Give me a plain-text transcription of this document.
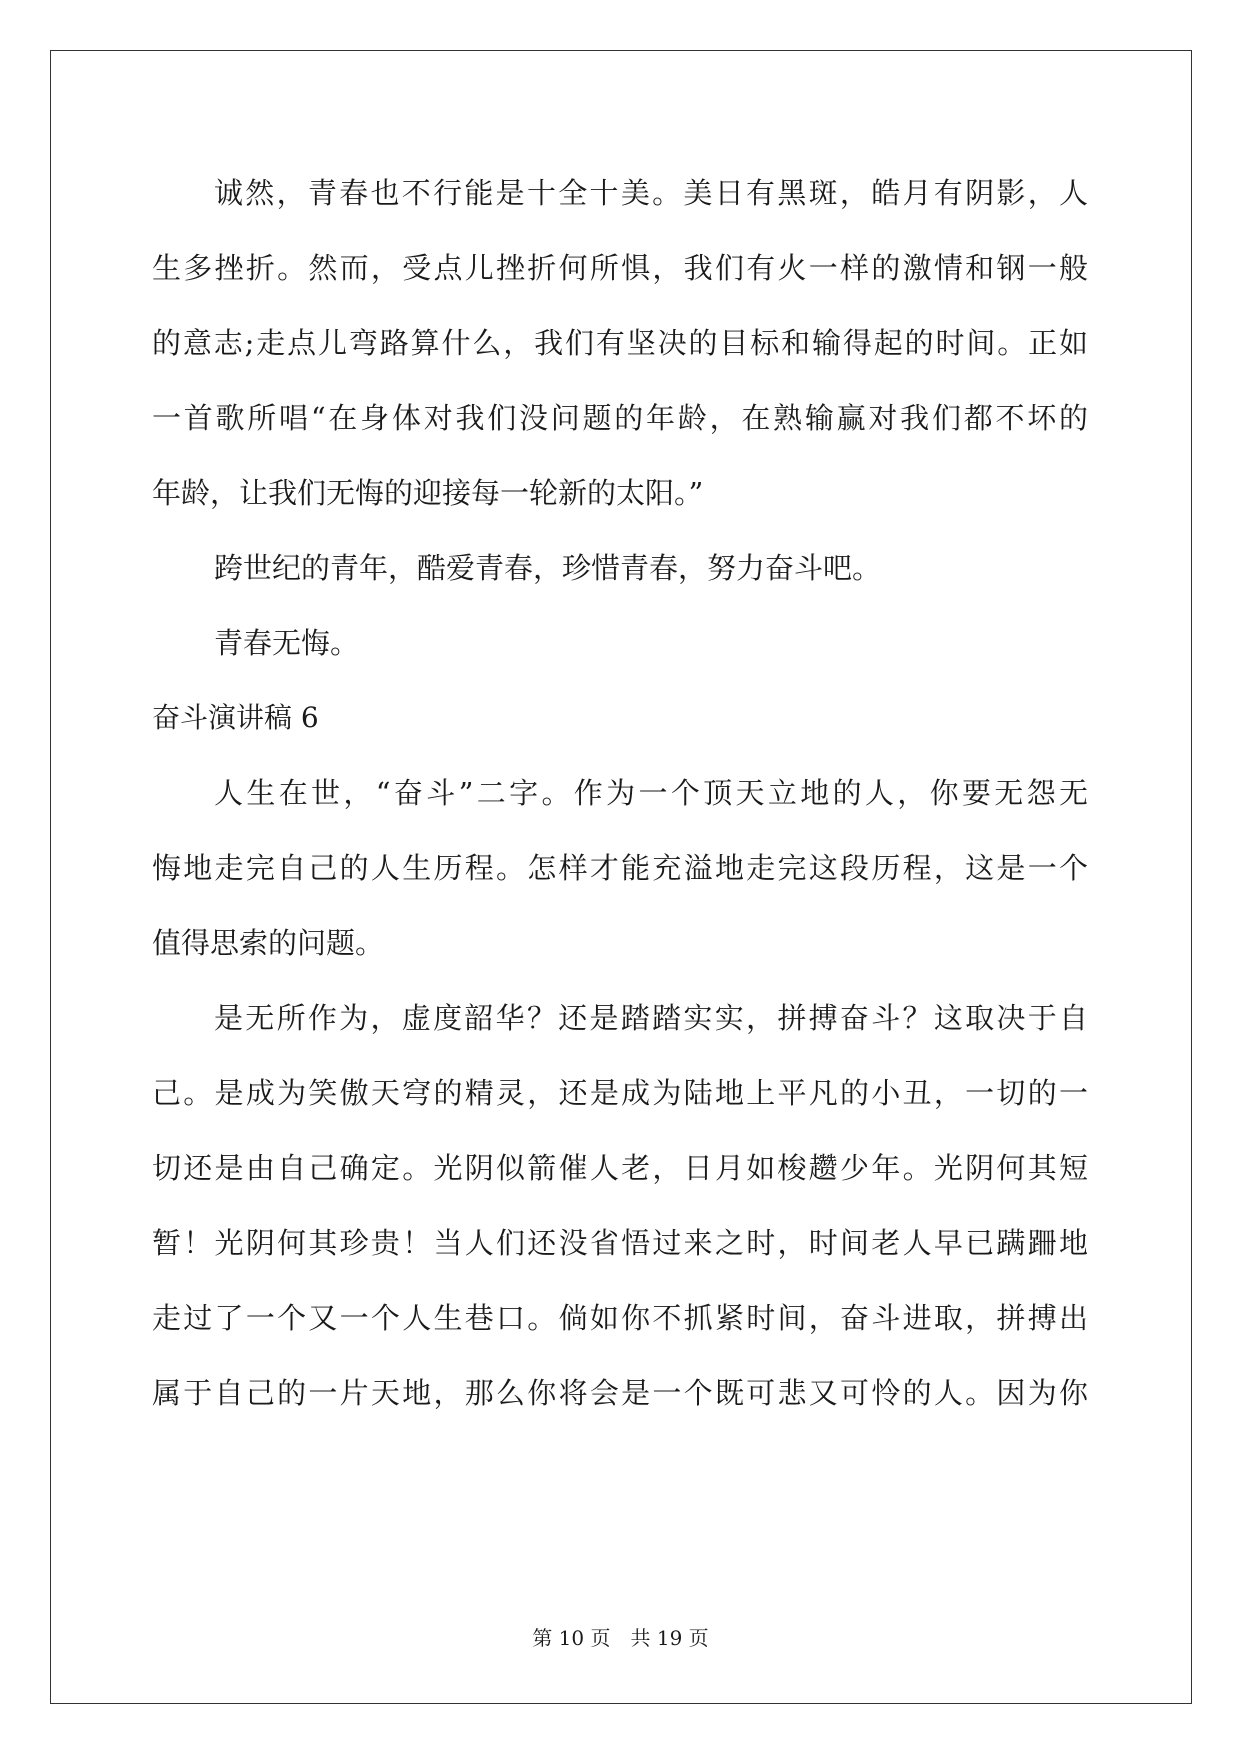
诚然，青春也不行能是十全十美。美日有黑斑，皓月有阴影，人
生多挫折。然而，受点儿挫折何所惧，我们有火一样的激情和钢一般
的意志;走点儿弯路算什么，我们有坚决的目标和输得起的时间。正如
一首歌所唱“在身体对我们没问题的年龄，在熟输赢对我们都不坏的
年龄，让我们无悔的迎接每一轮新的太阳。”
跨世纪的青年，酷爱青春，珍惜青春，努力奋斗吧。
青春无悔。
奋斗演讲稿 6
人生在世，“奋斗”二字。作为一个顶天立地的人，你要无怨无
悔地走完自己的人生历程。怎样才能充溢地走完这段历程，这是一个
值得思索的问题。
是无所作为，虚度韶华？还是踏踏实实，拼搏奋斗？这取决于自
己。是成为笑傲天穹的精灵，还是成为陆地上平凡的小丑，一切的一
切还是由自己确定。光阴似箭催人老，日月如梭趱少年。光阴何其短
暂！光阴何其珍贵！当人们还没省悟过来之时，时间老人早已蹒跚地
走过了一个又一个人生巷口。倘如你不抓紧时间，奋斗进取，拼搏出
属于自己的一片天地，那么你将会是一个既可悲又可怜的人。因为你
第 10 页　共 19 页
